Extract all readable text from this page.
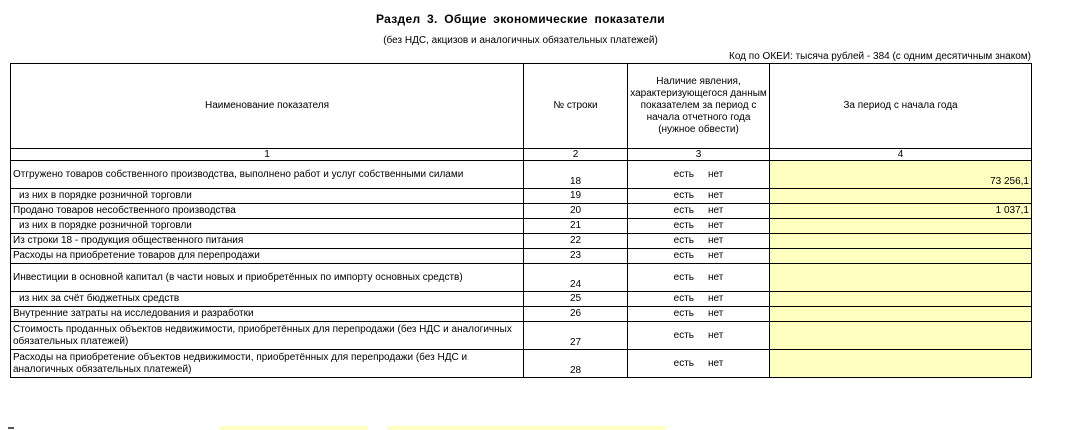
Раздел 3. Общие экономические показатели
(без НДС, акцизов и аналогичных обязательных платежей)
Код по ОКЕИ: тысяча рублей - 384 (с одним десятичным знаком)
Наименование показателя	№ строки	Наличие явления, характеризующегося данным показателем за период с начала отчетного года (нужное обвести)	За период с начала года
1	2	3	4
Отгружено товаров собственного производства, выполнено работ и услуг собственными силами	18	есть нет	73 256,1
из них в порядке розничной торговли	19	есть нет	
Продано товаров несобственного производства	20	есть нет	1 037,1
из них в порядке розничной торговли	21	есть нет	
Из строки 18 - продукция общественного питания	22	есть нет	
Расходы на приобретение товаров для перепродажи	23	есть нет	
Инвестиции в основной капитал (в части новых и приобретённых по импорту основных средств)	24	есть нет	
из них за счёт бюджетных средств	25	есть нет	
Внутренние затраты на исследования и разработки	26	есть нет	
Стоимость проданных объектов недвижимости, приобретённых для перепродажи (без НДС и аналогичных обязательных платежей)	27	есть нет	
Расходы на приобретение объектов недвижимости, приобретённых для перепродажи (без НДС и аналогичных обязательных платежей)	28	есть нет	
